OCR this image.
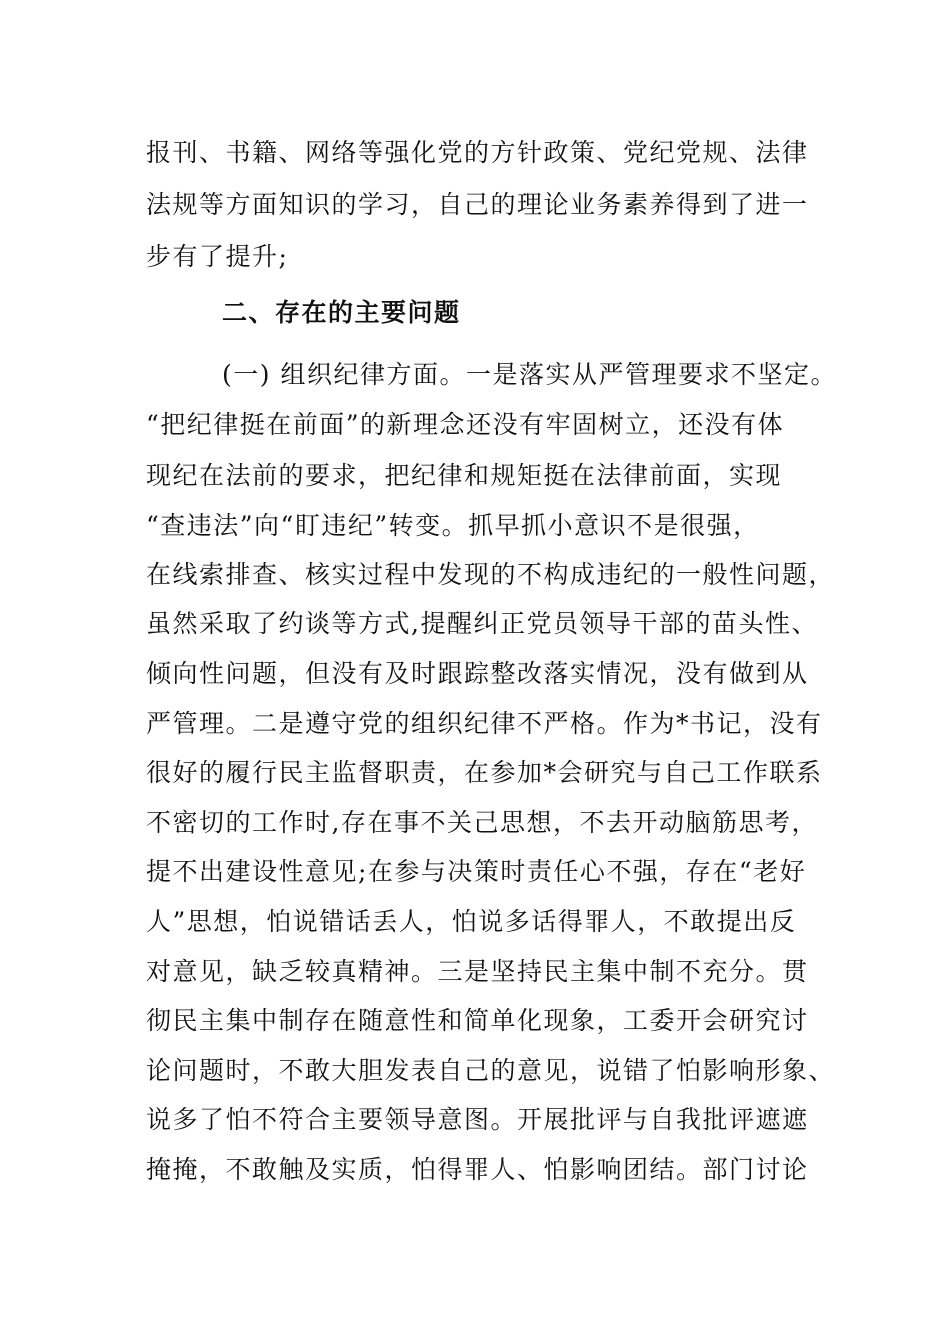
报刊、书籍、网络等强化党的方针政策、党纪党规、法律
法规等方面知识的学习，自己的理论业务素养得到了进一
步有了提升;
二、存在的主要问题
(一) 组织纪律方面。一是落实从严管理要求不坚定。
“把纪律挺在前面”的新理念还没有牢固树立，还没有体
现纪在法前的要求，把纪律和规矩挺在法律前面，实现
“查违法”向“盯违纪”转变。抓早抓小意识不是很强，
在线索排查、核实过程中发现的不构成违纪的一般性问题，
虽然采取了约谈等方式,提醒纠正党员领导干部的苗头性、
倾向性问题，但没有及时跟踪整改落实情况，没有做到从
严管理。二是遵守党的组织纪律不严格。作为*书记，没有
很好的履行民主监督职责，在参加*会研究与自己工作联系
不密切的工作时,存在事不关己思想，不去开动脑筋思考，
提不出建设性意见;在参与决策时责任心不强，存在“老好
人”思想，怕说错话丢人，怕说多话得罪人，不敢提出反
对意见，缺乏较真精神。三是坚持民主集中制不充分。贯
彻民主集中制存在随意性和简单化现象，工委开会研究讨
论问题时，不敢大胆发表自己的意见，说错了怕影响形象、
说多了怕不符合主要领导意图。开展批评与自我批评遮遮
掩掩，不敢触及实质，怕得罪人、怕影响团结。部门讨论
